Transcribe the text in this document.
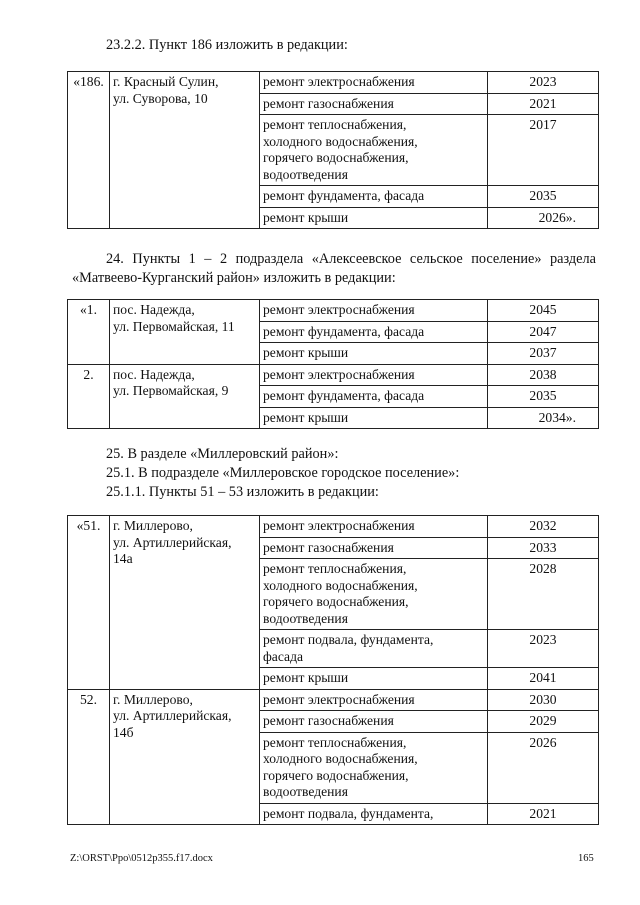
23.2.2. Пункт 186 изложить в редакции:

«186.	г. Красный Сулин,
ул. Суворова, 10	ремонт электроснабжения	2023
		ремонт газоснабжения	2021
		ремонт теплоснабжения,
холодного водоснабжения,
горячего водоснабжения,
водоотведения	2017
		ремонт фундамента, фасада	2035
		ремонт крыши	2026».

24. Пункты 1 – 2 подраздела «Алексеевское сельское поселение» раздела «Матвеево-Курганский район» изложить в редакции:

«1.	пос. Надежда,
ул. Первомайская, 11	ремонт электроснабжения	2045
		ремонт фундамента, фасада	2047
		ремонт крыши	2037
2.	пос. Надежда,
ул. Первомайская, 9	ремонт электроснабжения	2038
		ремонт фундамента, фасада	2035
		ремонт крыши	2034».

25. В разделе «Миллеровский район»:

25.1. В подразделе «Миллеровское городское поселение»:

25.1.1. Пункты 51 – 53 изложить в редакции:

«51.	г. Миллерово,
ул. Артиллерийская,
14а	ремонт электроснабжения	2032
		ремонт газоснабжения	2033
		ремонт теплоснабжения,
холодного водоснабжения,
горячего водоснабжения,
водоотведения	2028
		ремонт подвала, фундамента,
фасада	2023
		ремонт крыши	2041
52.	г. Миллерово,
ул. Артиллерийская,
14б	ремонт электроснабжения	2030
		ремонт газоснабжения	2029
		ремонт теплоснабжения,
холодного водоснабжения,
горячего водоснабжения,
водоотведения	2026
		ремонт подвала, фундамента,	2021
Z:\ORST\Ppo\0512p355.f17.docx	165
